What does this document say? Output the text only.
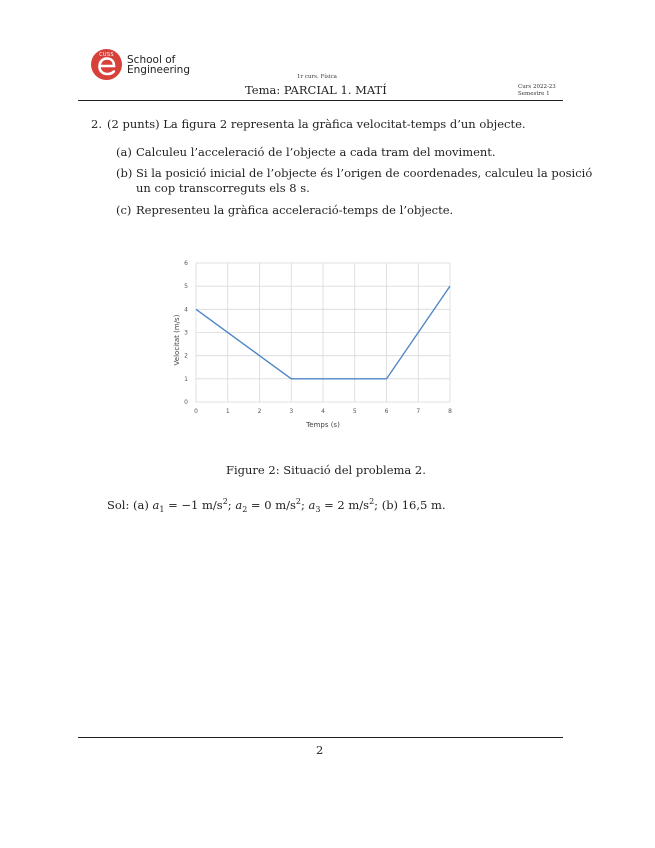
CUSS	School of
Engineering
1r curs. Física
Tema: PARCIAL 1. MATÍ	Curs 2022-23
Semestre 1
2. (2 punts) La figura 2 representa la gràfica velocitat-temps d’un objecte.
(a) Calculeu l’acceleració de l’objecte a cada tram del moviment.
(b) Si la posició inicial de l’objecte és l’origen de coordenades, calculeu la posició
un cop transcorreguts els 8 s.
(c) Representeu la gràfica acceleració-temps de l’objecte.
0	1	2	3	4	5	6	7	8
0
1
2
3
4
5
6
Temps (s)
Velocitat (m/s)
Figure 2: Situació del problema 2.
Sol: (a) $a_1 = -1$ $m/s^2$; $a_2 = 0$ $m/s^2$; $a_3 = 2$ $m/s^2$; (b) 16,5 m.
2
